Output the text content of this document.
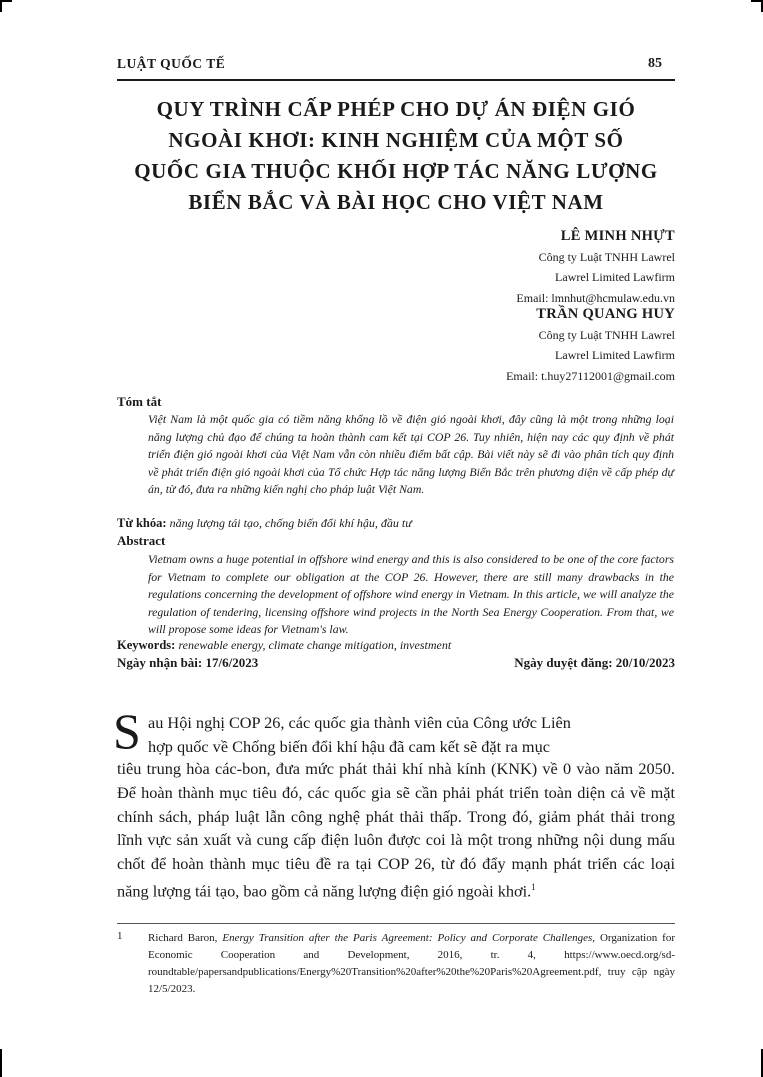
LUẬT QUỐC TẾ	85
QUY TRÌNH CẤP PHÉP CHO DỰ ÁN ĐIỆN GIÓ
NGOÀI KHƠI: KINH NGHIỆM CỦA MỘT SỐ
QUỐC GIA THUỘC KHỐI HỢP TÁC NĂNG LƯỢNG
BIỂN BẮC VÀ BÀI HỌC CHO VIỆT NAM
LÊ MINH NHỰT
Công ty Luật TNHH Lawrel
Lawrel Limited Lawfirm
Email: lmnhut@hcmulaw.edu.vn
TRẦN QUANG HUY
Công ty Luật TNHH Lawrel
Lawrel Limited Lawfirm
Email: t.huy27112001@gmail.com
Tóm tắt
Việt Nam là một quốc gia có tiềm năng khổng lồ về điện gió ngoài khơi, đây cũng là một trong những loại năng lượng chủ đạo để chúng ta hoàn thành cam kết tại COP 26. Tuy nhiên, hiện nay các quy định về phát triển điện gió ngoài khơi của Việt Nam vẫn còn nhiều điểm bất cập. Bài viết này sẽ đi vào phân tích quy định về phát triển điện gió ngoài khơi của Tổ chức Hợp tác năng lượng Biển Bắc trên phương diện về cấp phép dự án, từ đó, đưa ra những kiến nghị cho pháp luật Việt Nam.
Từ khóa: năng lượng tái tạo, chống biến đổi khí hậu, đầu tư
Abstract
Vietnam owns a huge potential in offshore wind energy and this is also considered to be one of the core factors for Vietnam to complete our obligation at the COP 26. However, there are still many drawbacks in the regulations concerning the development of offshore wind energy in Vietnam. In this article, we will analyze the regulation of tendering, licensing offshore wind projects in the North Sea Energy Cooperation. From that, we will propose some ideas for Vietnam's law.
Keywords: renewable energy, climate change mitigation, investment
Ngày nhận bài: 17/6/2023	Ngày duyệt đăng: 20/10/2023
S au Hội nghị COP 26, các quốc gia thành viên của Công ước Liên
hợp quốc về Chống biến đổi khí hậu đã cam kết sẽ đặt ra mục
tiêu trung hòa các-bon, đưa mức phát thải khí nhà kính (KNK) về 0 vào năm 2050. Để hoàn thành mục tiêu đó, các quốc gia sẽ cần phải phát triển toàn diện cả về mặt chính sách, pháp luật lẫn công nghệ phát thải thấp. Trong đó, giảm phát thải trong lĩnh vực sản xuất và cung cấp điện luôn được coi là một trong những nội dung mấu chốt để hoàn thành mục tiêu đề ra tại COP 26, từ đó đẩy mạnh phát triển các loại năng lượng tái tạo, bao gồm cả năng lượng điện gió ngoài khơi.$^1$
1 Richard Baron, Energy Transition after the Paris Agreement: Policy and Corporate Challenges, Organization for Economic Cooperation and Development, 2016, tr. 4, https://www.oecd.org/sd-roundtable/papersandpublications/Energy%20Transition%20after%20the%20Paris%20Agreement.pdf, truy cập ngày 12/5/2023.
